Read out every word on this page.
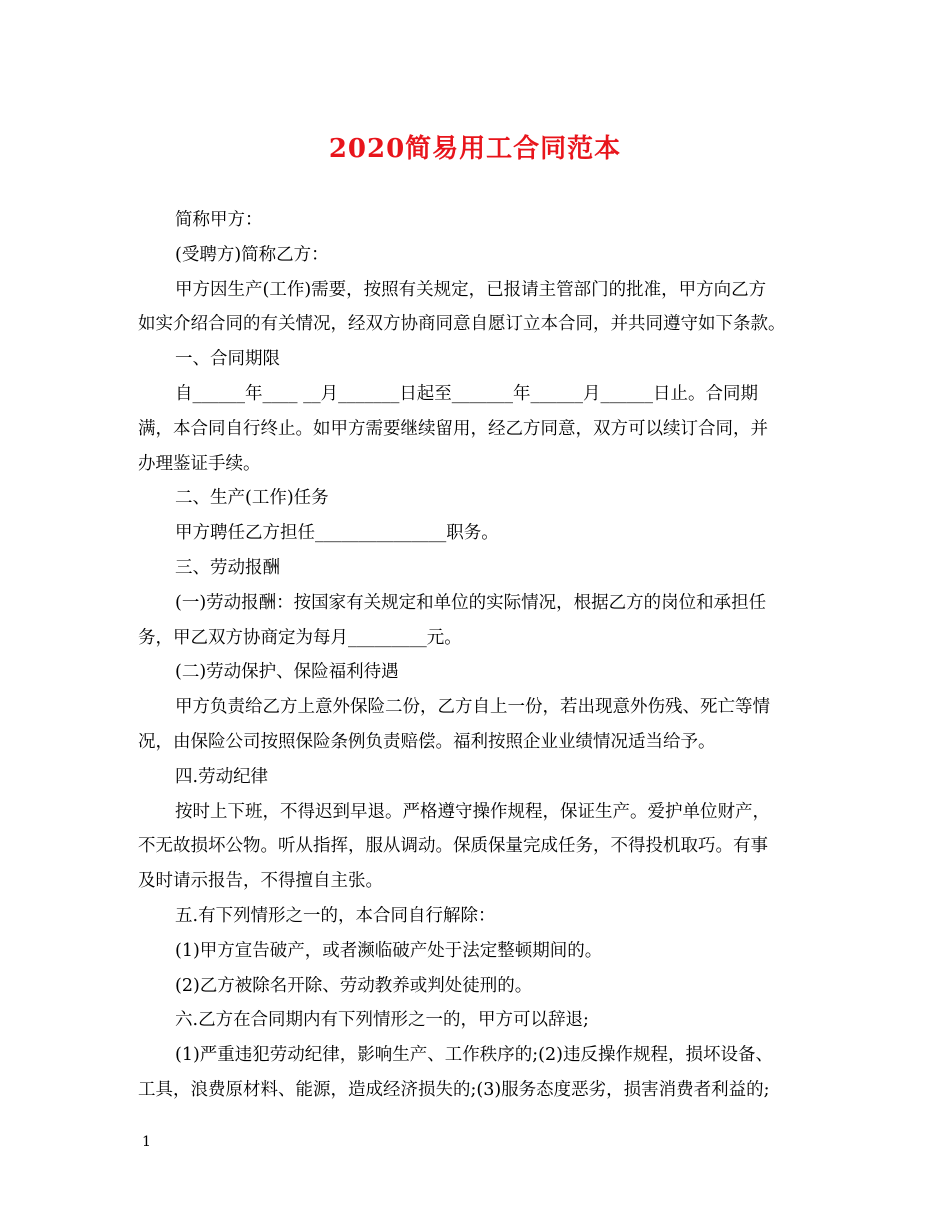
2020简易用工合同范本
简称甲方：
(受聘方)简称乙方：
甲方因生产(工作)需要，按照有关规定，已报请主管部门的批准，甲方向乙方
如实介绍合同的有关情况，经双方协商同意自愿订立本合同，并共同遵守如下条款。
一、合同期限
自______年____ __月_______日起至_______年______月______日止。合同期
满，本合同自行终止。如甲方需要继续留用，经乙方同意，双方可以续订合同，并
办理鉴证手续。
二、生产(工作)任务
甲方聘任乙方担任_______________职务。
三、劳动报酬
(一)劳动报酬：按国家有关规定和单位的实际情况，根据乙方的岗位和承担任
务，甲乙双方协商定为每月_________元。
(二)劳动保护、保险福利待遇
甲方负责给乙方上意外保险二份，乙方自上一份，若出现意外伤残、死亡等情
况，由保险公司按照保险条例负责赔偿。福利按照企业业绩情况适当给予。
四.劳动纪律
按时上下班，不得迟到早退。严格遵守操作规程，保证生产。爱护单位财产，
不无故损坏公物。听从指挥，服从调动。保质保量完成任务，不得投机取巧。有事
及时请示报告，不得擅自主张。
五.有下列情形之一的，本合同自行解除：
(1)甲方宣告破产，或者濒临破产处于法定整顿期间的。
(2)乙方被除名开除、劳动教养或判处徒刑的。
六.乙方在合同期内有下列情形之一的，甲方可以辞退;
(1)严重违犯劳动纪律，影响生产、工作秩序的;(2)违反操作规程，损坏设备、
工具，浪费原材料、能源，造成经济损失的;(3)服务态度恶劣，损害消费者利益的;
1
